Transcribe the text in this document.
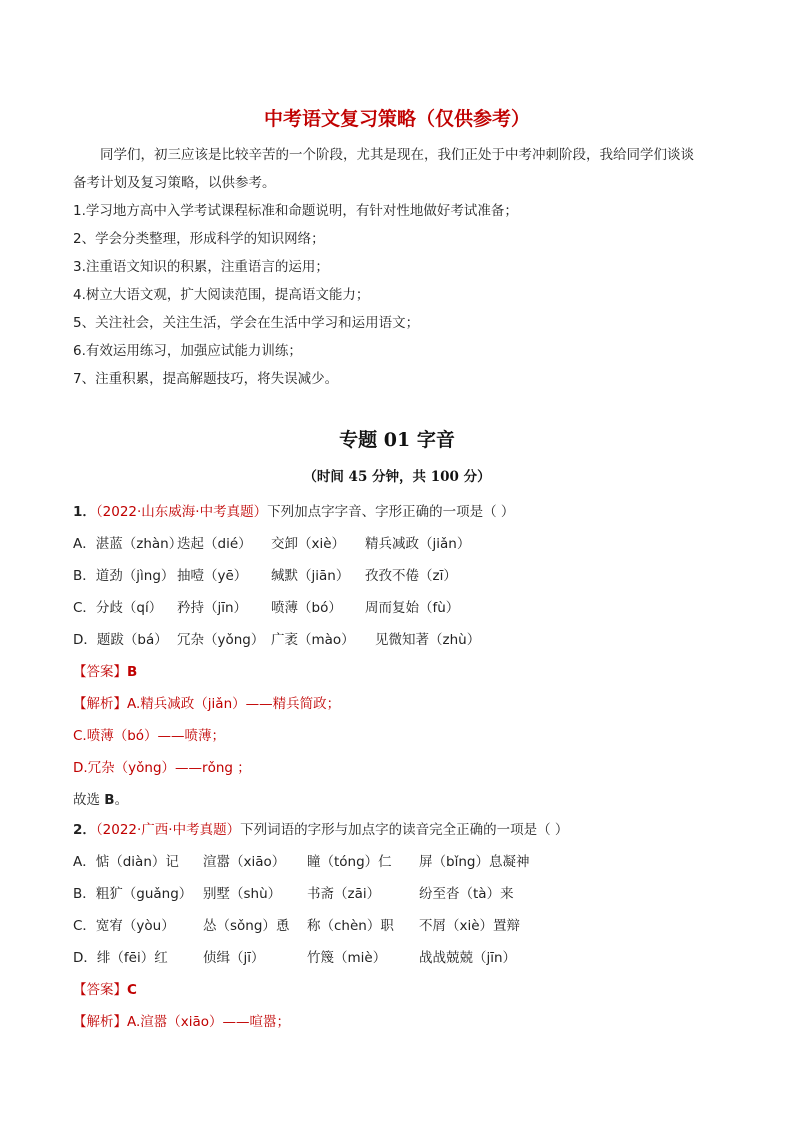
中考语文复习策略（仅供参考）
同学们，初三应该是比较辛苦的一个阶段，尤其是现在，我们正处于中考冲刺阶段，我给同学们谈谈
备考计划及复习策略，以供参考。
1.学习地方高中入学考试课程标准和命题说明，有针对性地做好考试准备；
2、学会分类整理，形成科学的知识网络；
3.注重语文知识的积累，注重语言的运用；
4.树立大语文观，扩大阅读范围，提高语文能力；
5、关注社会，关注生活，学会在生活中学习和运用语文；
6.有效运用练习，加强应试能力训练；
7、注重积累，提高解题技巧，将失误减少。
专题 01 字音
（时间 45 分钟，共 100 分）
1．（2022·山东威海·中考真题）下列加点字字音、字形正确的一项是（ ）
A．湛蓝（zhàn）迭起（dié） 交卸（xiè） 精兵减政（jiǎn）
B．道劲（jìng） 抽噎（yē） 缄默（jiān） 孜孜不倦（zī）
C．分歧（qí） 矜持（jīn） 喷薄（bó） 周而复始（fù）
D．题跋（bá） 冗杂（yǒng） 广袤（mào） 见微知著（zhù）
【答案】B
【解析】A.精兵减政（jiǎn）——精兵简政；
C.喷薄（bó）——喷薄；
D.冗杂（yǒng）——rǒng ；
故选 B。
2．（2022·广西·中考真题）下列词语的字形与加点字的读音完全正确的一项是（ ）
A．惦（diàn）记 渲嚣（xiāo） 瞳（tóng）仁 屏（bǐng）息凝神
B．粗犷（guǎng） 别墅（shù） 书斋（zāi）	纷至沓（tà）来
C．宽宥（yòu） 怂（sǒng）恿 称（chèn）职 不屑（xiè）置辩
D．绯（fēi）红	侦缉（jī）	竹篾（miè） 战战兢兢（jīn）
【答案】C
【解析】A.渲嚣（xiāo）——喧嚣；
